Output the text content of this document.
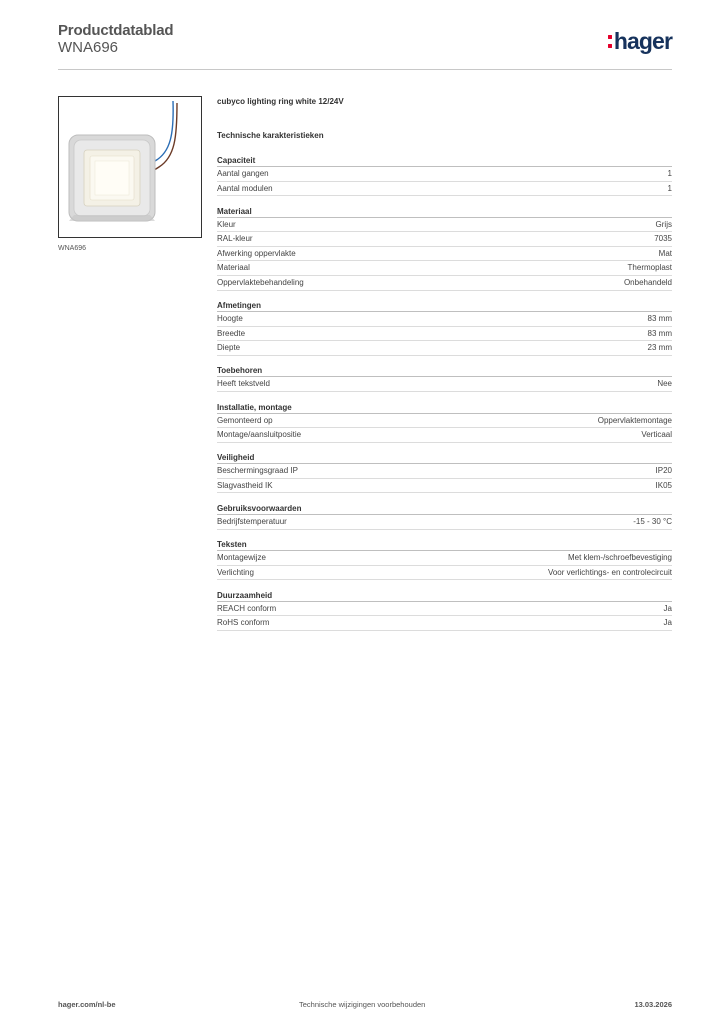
Productdatablad
WNA696	hager
WNA696
cubyco lighting ring white 12/24V
Technische karakteristieken
Capaciteit
Aantal gangen	1
Aantal modulen	1
Materiaal
Kleur	Grijs
RAL-kleur	7035
Afwerking oppervlakte	Mat
Materiaal	Thermoplast
Oppervlaktebehandeling	Onbehandeld
Afmetingen
Hoogte	83 mm
Breedte	83 mm
Diepte	23 mm
Toebehoren
Heeft tekstveld	Nee
Installatie, montage
Gemonteerd op	Oppervlaktemontage
Montage/aansluitpositie	Verticaal
Veiligheid
Beschermingsgraad IP	IP20
Slagvastheid IK	IK05
Gebruiksvoorwaarden
Bedrijfstemperatuur	-15 - 30 °C
Teksten
Montagewijze	Met klem-/schroefbevestiging
Verlichting	Voor verlichtings- en controlecircuit
Duurzaamheid
REACH conform	Ja
RoHS conform	Ja
hager.com/nl-be	Technische wijzigingen voorbehouden	13.03.2026
